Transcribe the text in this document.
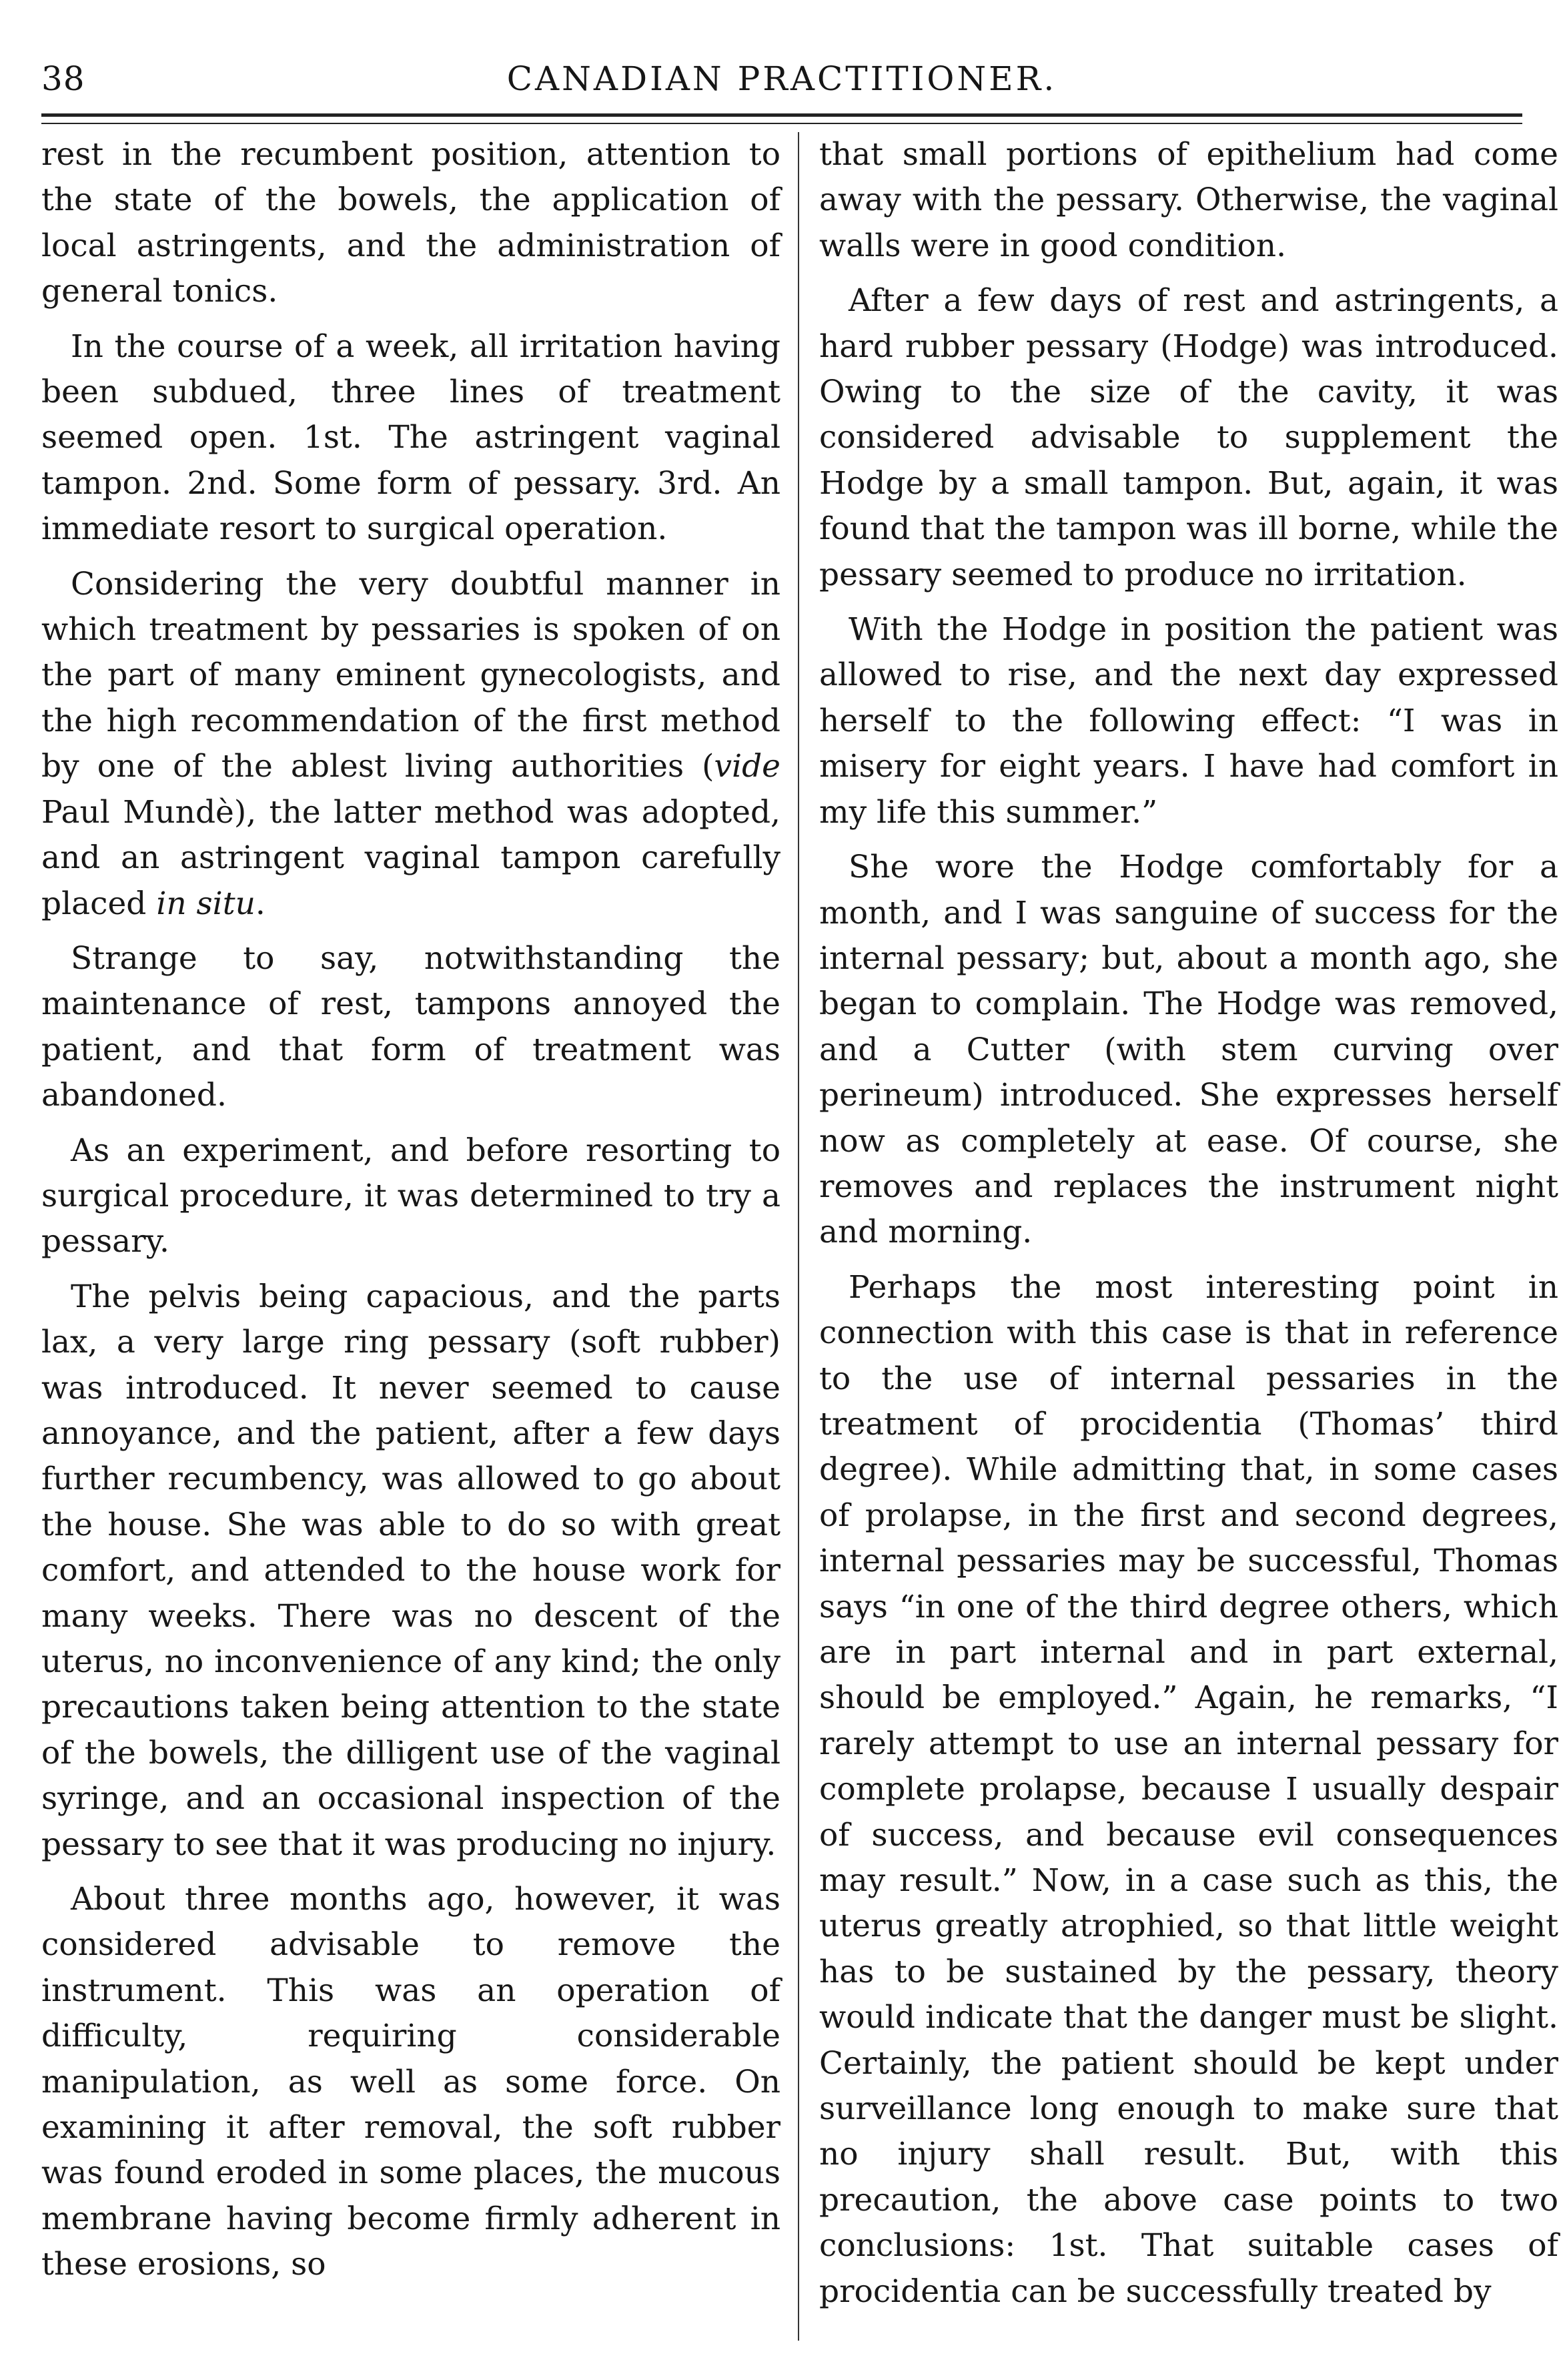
38	CANADIAN PRACTITIONER.

rest in the recumbent position, attention to the state of the bowels, the application of local astringents, and the administration of general tonics.

In the course of a week, all irritation having been subdued, three lines of treatment seemed open. 1st. The astringent vaginal tampon. 2nd. Some form of pessary. 3rd. An immediate resort to surgical operation.

Considering the very doubtful manner in which treatment by pessaries is spoken of on the part of many eminent gynecologists, and the high recommendation of the first method by one of the ablest living authorities (vide Paul Mundè), the latter method was adopted, and an astringent vaginal tampon carefully placed in situ.

Strange to say, notwithstanding the maintenance of rest, tampons annoyed the patient, and that form of treatment was abandoned.

As an experiment, and before resorting to surgical procedure, it was determined to try a pessary.

The pelvis being capacious, and the parts lax, a very large ring pessary (soft rubber) was introduced. It never seemed to cause annoyance, and the patient, after a few days further recumbency, was allowed to go about the house. She was able to do so with great comfort, and attended to the house work for many weeks. There was no descent of the uterus, no inconvenience of any kind; the only precautions taken being attention to the state of the bowels, the dilligent use of the vaginal syringe, and an occasional inspection of the pessary to see that it was producing no injury.

About three months ago, however, it was considered advisable to remove the instrument. This was an operation of difficulty, requiring considerable manipulation, as well as some force. On examining it after removal, the soft rubber was found eroded in some places, the mucous membrane having become firmly adherent in these erosions, so

that small portions of epithelium had come away with the pessary. Otherwise, the vaginal walls were in good condition.

After a few days of rest and astringents, a hard rubber pessary (Hodge) was introduced. Owing to the size of the cavity, it was considered advisable to supplement the Hodge by a small tampon. But, again, it was found that the tampon was ill borne, while the pessary seemed to produce no irritation.

With the Hodge in position the patient was allowed to rise, and the next day expressed herself to the following effect: “I was in misery for eight years. I have had comfort in my life this summer.”

She wore the Hodge comfortably for a month, and I was sanguine of success for the internal pessary; but, about a month ago, she began to complain. The Hodge was removed, and a Cutter (with stem curving over perineum) introduced. She expresses herself now as completely at ease. Of course, she removes and replaces the instrument night and morning.

Perhaps the most interesting point in connection with this case is that in reference to the use of internal pessaries in the treatment of procidentia (Thomas’ third degree). While admitting that, in some cases of prolapse, in the first and second degrees, internal pessaries may be successful, Thomas says “in one of the third degree others, which are in part internal and in part external, should be employed.” Again, he remarks, “I rarely attempt to use an internal pessary for complete prolapse, because I usually despair of success, and because evil consequences may result.” Now, in a case such as this, the uterus greatly atrophied, so that little weight has to be sustained by the pessary, theory would indicate that the danger must be slight. Certainly, the patient should be kept under surveillance long enough to make sure that no injury shall result. But, with this precaution, the above case points to two conclusions: 1st. That suitable cases of procidentia can be successfully treated by
